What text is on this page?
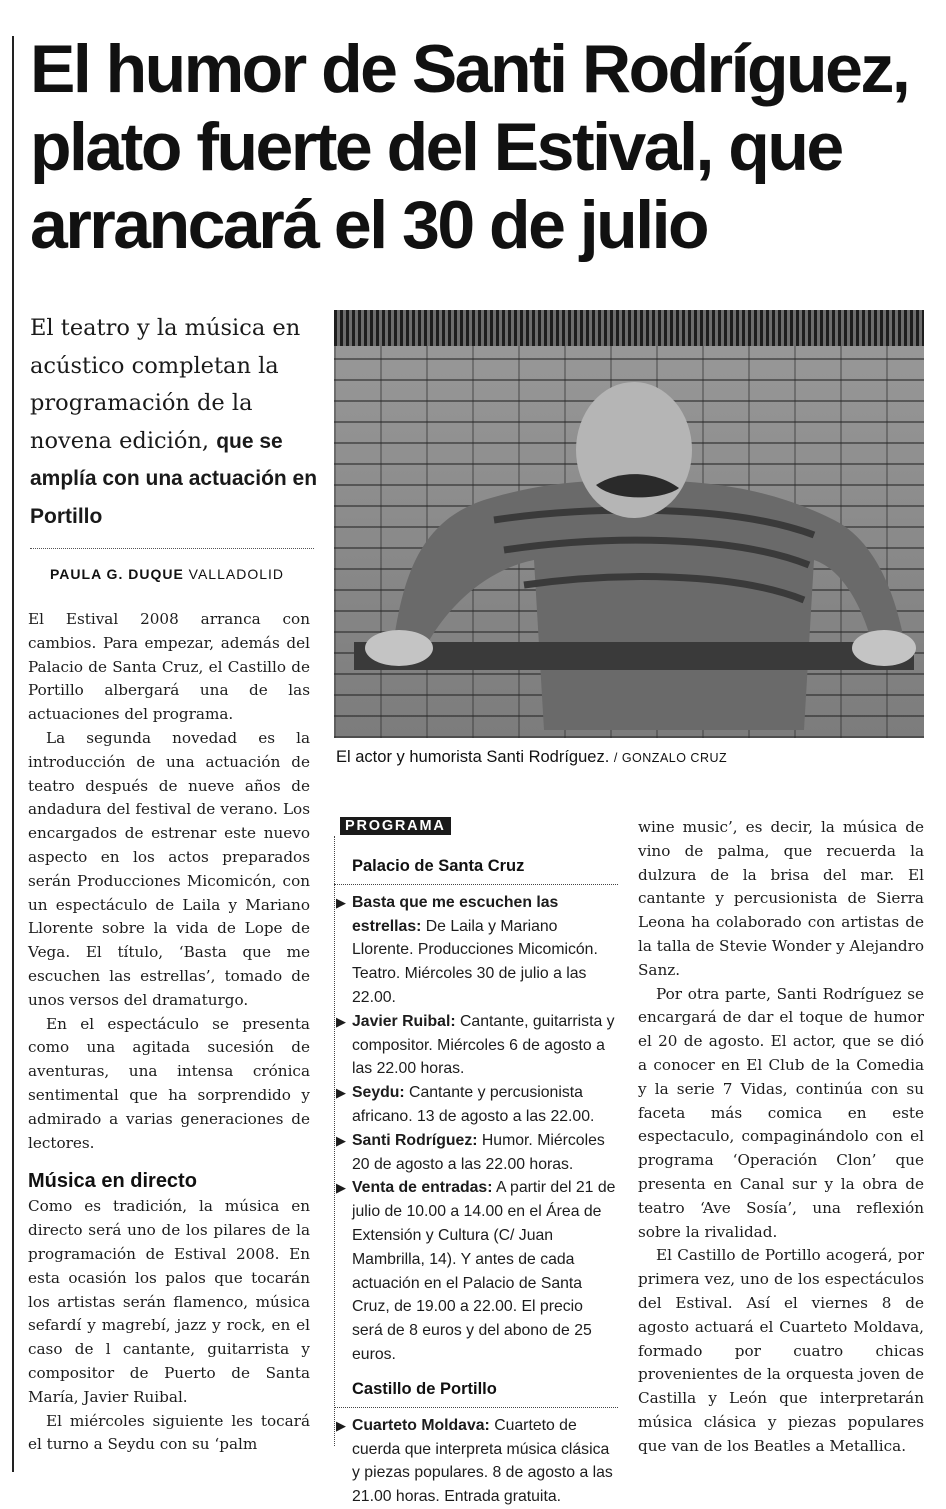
El humor de Santi Rodríguez, plato fuerte del Estival, que arrancará el 30 de julio
El teatro y la música en acústico completan la programación de la novena edición, que se amplía con una actuación en Portillo
PAULA G. DUQUE VALLADOLID

El Estival 2008 arranca con cambios. Para empezar, además del Palacio de Santa Cruz, el Castillo de Portillo albergará una de las actuaciones del programa.

La segunda novedad es la introducción de una actuación de teatro después de nueve años de andadura del festival de verano. Los encargados de estrenar este nuevo aspecto en los actos preparados serán Producciones Micomicón, con un espectáculo de Laila y Mariano Llorente sobre la vida de Lope de Vega. El título, ‘Basta que me escuchen las estrellas’, tomado de unos versos del dramaturgo.

En el espectáculo se presenta como una agitada sucesión de aventuras, una intensa crónica sentimental que ha sorprendido y admirado a varias generaciones de lectores.

Música en directo

Como es tradición, la música en directo será uno de los pilares de la programación de Estival 2008. En esta ocasión los palos que tocarán los artistas serán flamenco, música sefardí y magrebí, jazz y rock, en el caso de l cantante, guitarrista y compositor de Puerto de Santa María, Javier Ruibal.

El miércoles siguiente les tocará el turno a Seydu con su ‘palm

El actor y humorista Santi Rodríguez. / GONZALO CRUZ
PROGRAMA
Palacio de Santa Cruz
▶ Basta que me escuchen las estrellas: De Laila y Mariano Llorente. Producciones Micomicón. Teatro. Miércoles 30 de julio a las 22.00.
▶ Javier Ruibal: Cantante, guitarrista y compositor. Miércoles 6 de agosto a las 22.00 horas.
▶ Seydu: Cantante y percusionista africano. 13 de agosto a las 22.00.
▶ Santi Rodríguez: Humor. Miércoles 20 de agosto a las 22.00 horas.
▶ Venta de entradas: A partir del 21 de julio de 10.00 a 14.00 en el Área de Extensión y Cultura (C/ Juan Mambrilla, 14). Y antes de cada actuación en el Palacio de Santa Cruz, de 19.00 a 22.00. El precio será de 8 euros y del abono de 25 euros.
Castillo de Portillo
▶ Cuarteto Moldava: Cuarteto de cuerda que interpreta música clásica y piezas populares. 8 de agosto a las 21.00 horas. Entrada gratuita.

wine music’, es decir, la música de vino de palma, que recuerda la dulzura de la brisa del mar. El cantante y percusionista de Sierra Leona ha colaborado con artistas de la talla de Stevie Wonder y Alejandro Sanz.

Por otra parte, Santi Rodríguez se encargará de dar el toque de humor el 20 de agosto. El actor, que se dió a conocer en El Club de la Comedia y la serie 7 Vidas, continúa con su faceta más comica en este espectaculo, compaginándolo con el programa ‘Operación Clon’ que presenta en Canal sur y la obra de teatro ‘Ave Sosía’, una reflexión sobre la rivalidad.

El Castillo de Portillo acogerá, por primera vez, uno de los espectáculos del Estival. Así el viernes 8 de agosto actuará el Cuarteto Moldava, formado por cuatro chicas provenientes de la orquesta joven de Castilla y León que interpretarán música clásica y piezas populares que van de los Beatles a Metallica.
